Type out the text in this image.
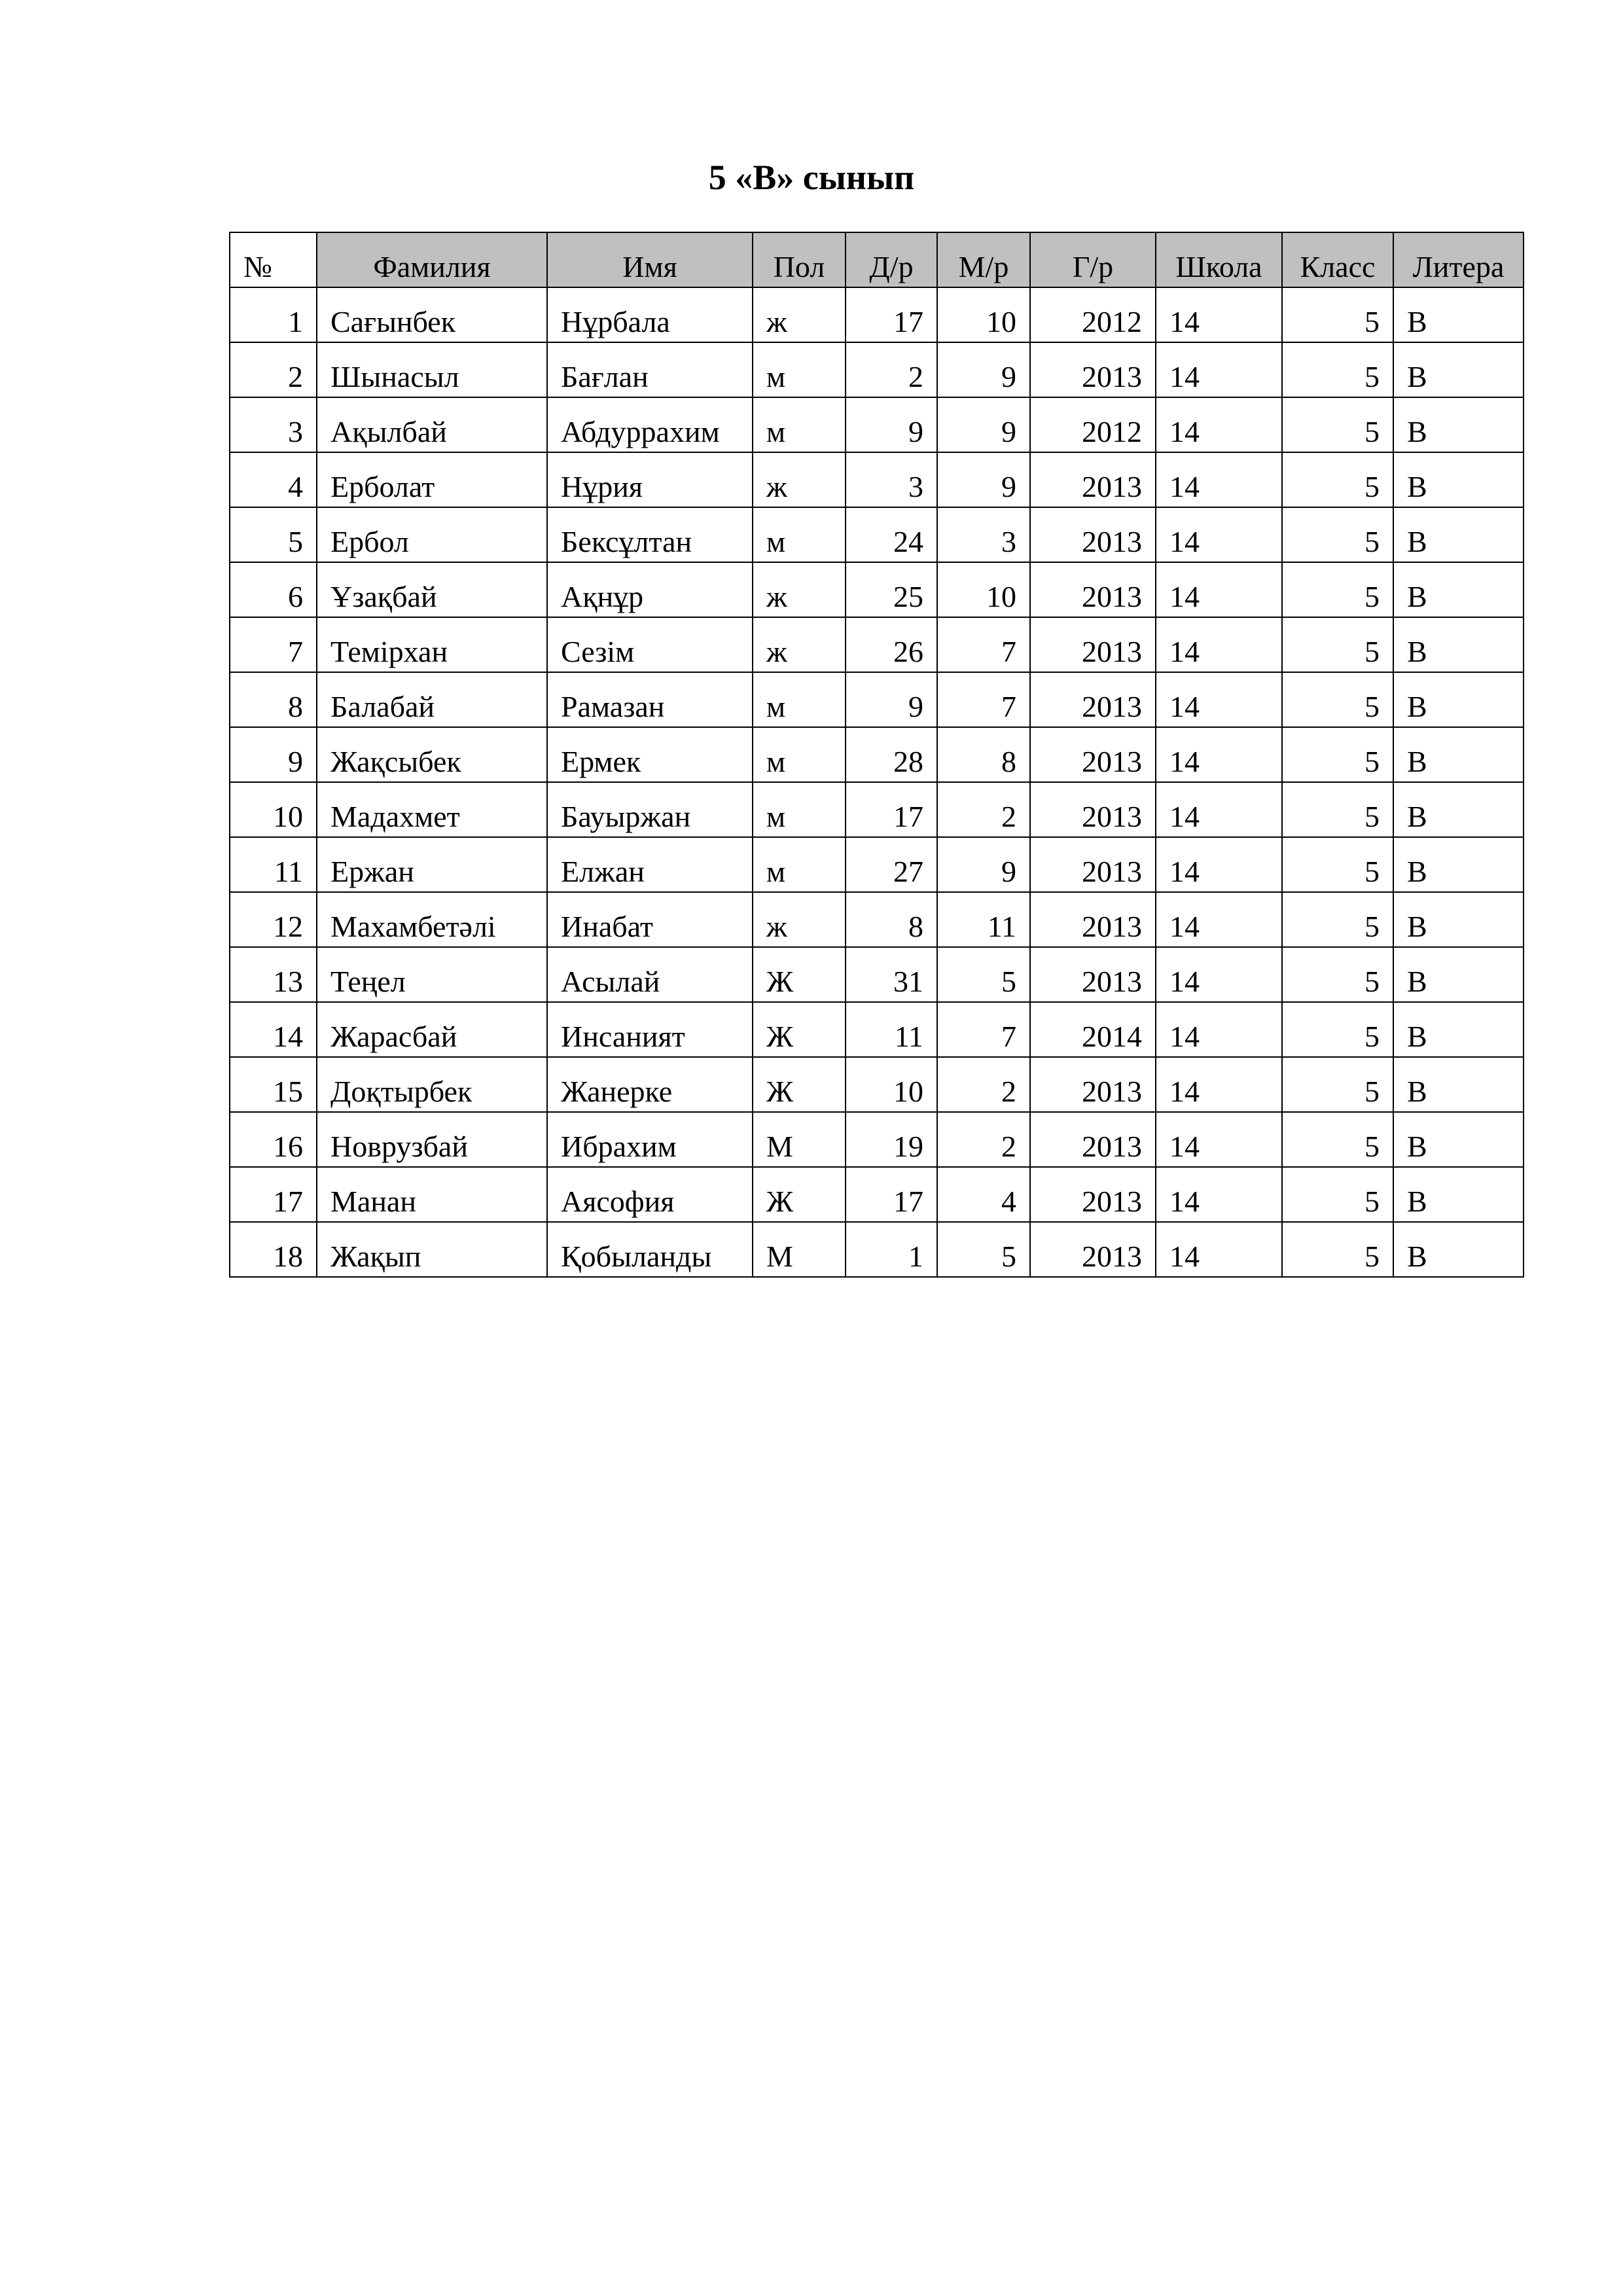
5 «В» сынып
№	Фамилия	Имя	Пол	Д/р	М/р	Г/р	Школа	Класс	Литера
1	Сағынбек	Нұрбала	ж	17	10	2012	14	5	В
2	Шынасыл	Бағлан	м	2	9	2013	14	5	В
3	Ақылбай	Абдуррахим	м	9	9	2012	14	5	В
4	Ерболат	Нұрия	ж	3	9	2013	14	5	В
5	Ербол	Бексұлтан	м	24	3	2013	14	5	В
6	Ұзақбай	Ақнұр	ж	25	10	2013	14	5	В
7	Темірхан	Сезім	ж	26	7	2013	14	5	В
8	Балабай	Рамазан	м	9	7	2013	14	5	В
9	Жақсыбек	Ермек	м	28	8	2013	14	5	В
10	Мадахмет	Бауыржан	м	17	2	2013	14	5	В
11	Ержан	Елжан	м	27	9	2013	14	5	В
12	Махамбетәлі	Инабат	ж	8	11	2013	14	5	В
13	Теңел	Асылай	Ж	31	5	2013	14	5	В
14	Жарасбай	Инсаният	Ж	11	7	2014	14	5	В
15	Доқтырбек	Жанерке	Ж	10	2	2013	14	5	В
16	Новрузбай	Ибрахим	М	19	2	2013	14	5	В
17	Манан	Аясофия	Ж	17	4	2013	14	5	В
18	Жақып	Қобыланды	М	1	5	2013	14	5	В
